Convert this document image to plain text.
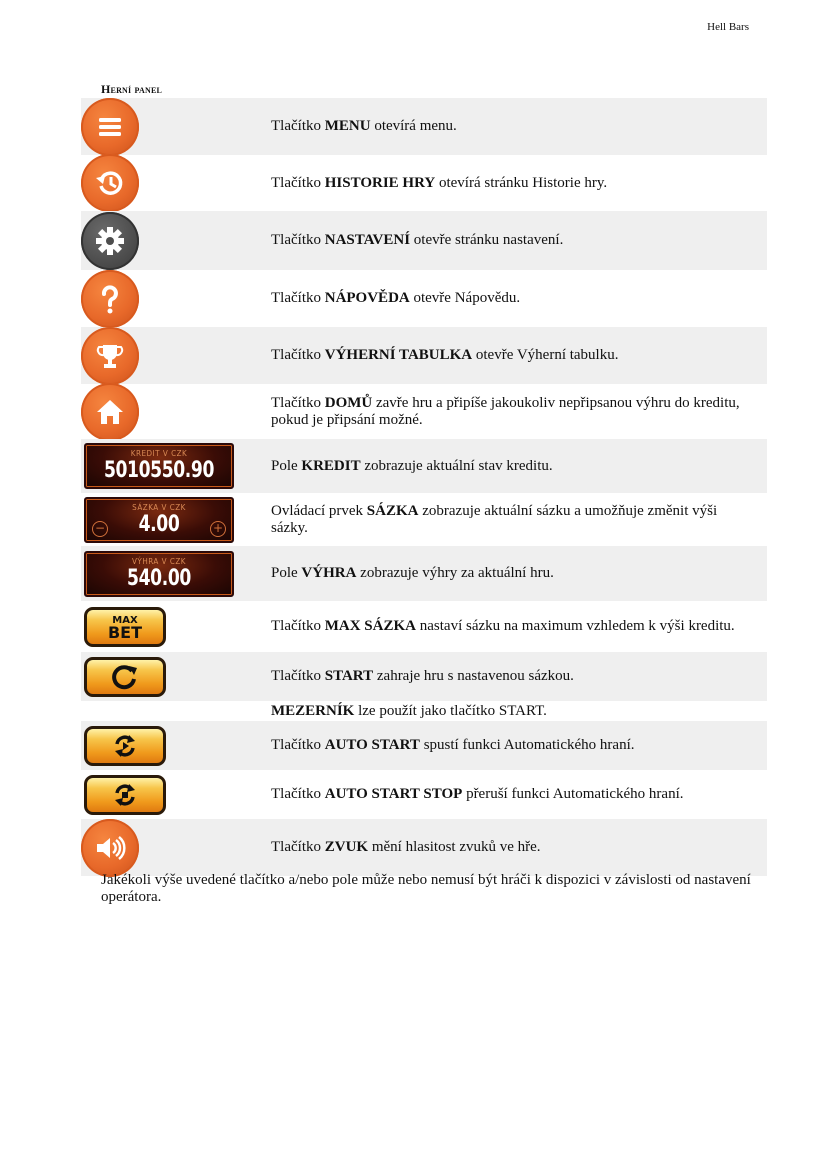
Hell Bars
Herní panel
Tlačítko MENU otevírá menu.
Tlačítko HISTORIE HRY otevírá stránku Historie hry.
Tlačítko NASTAVENÍ otevře stránku nastavení.
Tlačítko NÁPOVĚDA otevře Nápovědu.
Tlačítko VÝHERNÍ TABULKA otevře Výherní tabulku.
Tlačítko DOMŮ zavře hru a připíše jakoukoliv nepřipsanou výhru do kreditu, pokud je připsání možné.
KREDIT V CZK
5010550.90	Pole KREDIT zobrazuje aktuální stav kreditu.
SÁZKA V CZK
4.00
−	+
Ovládací prvek SÁZKA zobrazuje aktuální sázku a umožňuje změnit výši sázky.
VÝHRA V CZK
540.00	Pole VÝHRA zobrazuje výhry za aktuální hru.
MAX
BET	Tlačítko MAX SÁZKA nastaví sázku na maximum vzhledem k výši kreditu.
Tlačítko START zahraje hru s nastavenou sázkou.
MEZERNÍK lze použít jako tlačítko START.
Tlačítko AUTO START spustí funkci Automatického hraní.
Tlačítko AUTO START STOP přeruší funkci Automatického hraní.
Tlačítko ZVUK mění hlasitost zvuků ve hře.
Jakékoli výše uvedené tlačítko a/nebo pole může nebo nemusí být hráči k dispozici v závislosti od nastavení operátora.
